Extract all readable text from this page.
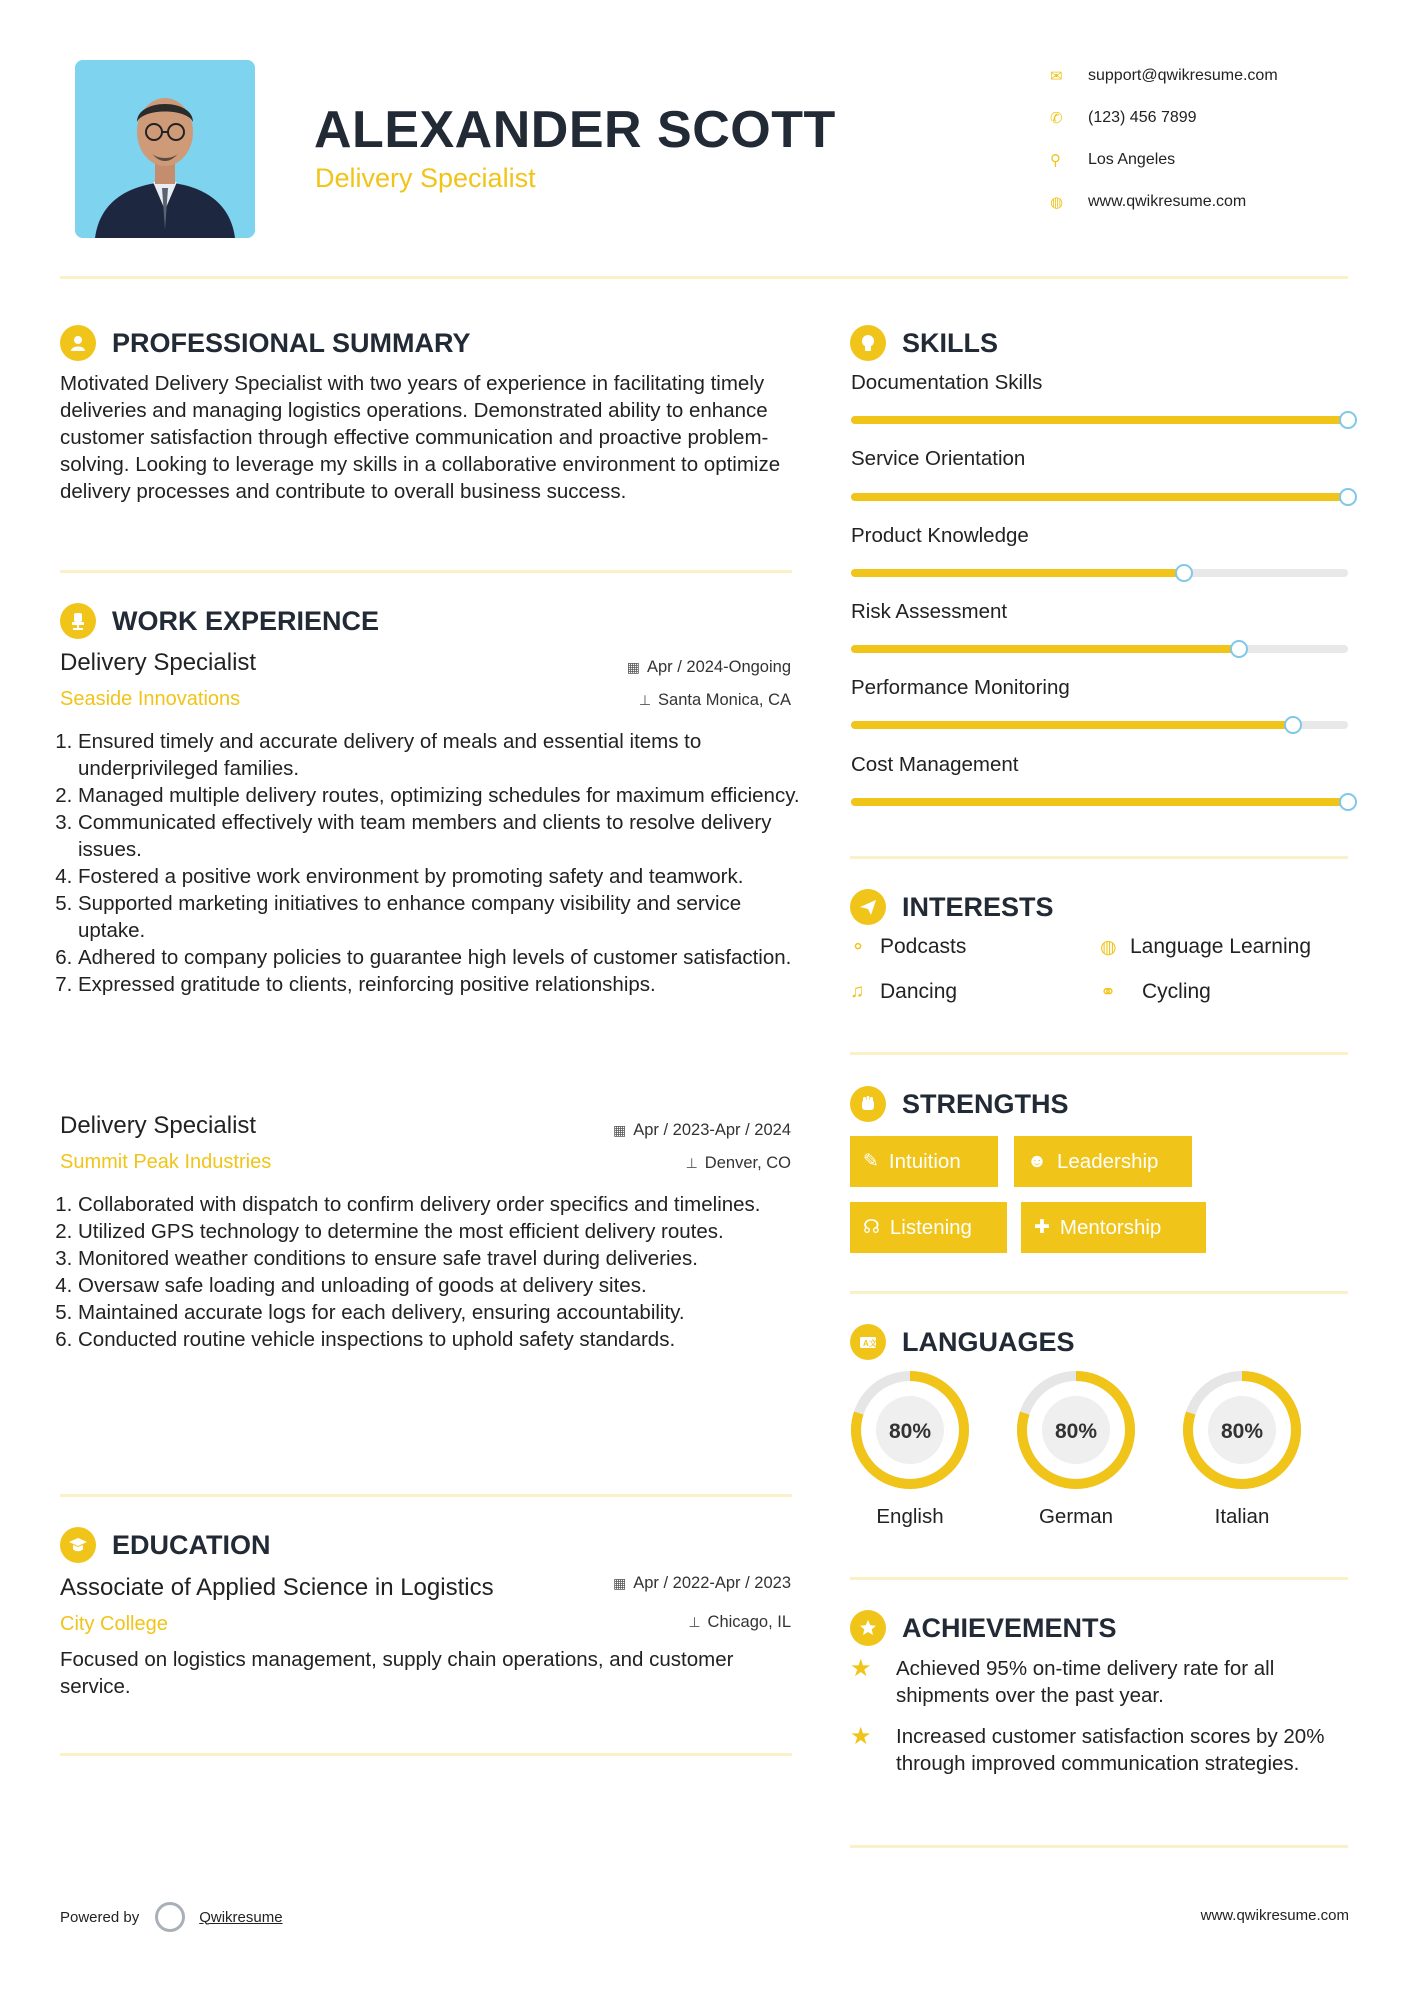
ALEXANDER SCOTT
Delivery Specialist
✉	support@qwikresume.com
✆	(123) 456 7899
⚲	Los Angeles
◍	www.qwikresume.com
PROFESSIONAL SUMMARY
Motivated Delivery Specialist with two years of experience in facilitating timely deliveries and managing logistics operations. Demonstrated ability to enhance customer satisfaction through effective communication and proactive problem-solving. Looking to leverage my skills in a collaborative environment to optimize delivery processes and contribute to overall business success.
WORK EXPERIENCE
Delivery Specialist
Seaside Innovations
▦ Apr / 2024-Ongoing
⊥ Santa Monica, CA
1. Ensured timely and accurate delivery of meals and essential items to underprivileged families.
2. Managed multiple delivery routes, optimizing schedules for maximum efficiency.
3. Communicated effectively with team members and clients to resolve delivery issues.
4. Fostered a positive work environment by promoting safety and teamwork.
5. Supported marketing initiatives to enhance company visibility and service uptake.
6. Adhered to company policies to guarantee high levels of customer satisfaction.
7. Expressed gratitude to clients, reinforcing positive relationships.
Delivery Specialist
Summit Peak Industries
▦ Apr / 2023-Apr / 2024
⊥ Denver, CO
1. Collaborated with dispatch to confirm delivery order specifics and timelines.
2. Utilized GPS technology to determine the most efficient delivery routes.
3. Monitored weather conditions to ensure safe travel during deliveries.
4. Oversaw safe loading and unloading of goods at delivery sites.
5. Maintained accurate logs for each delivery, ensuring accountability.
6. Conducted routine vehicle inspections to uphold safety standards.
EDUCATION
Associate of Applied Science in Logistics
City College
▦ Apr / 2022-Apr / 2023
⊥ Chicago, IL
Focused on logistics management, supply chain operations, and customer service.
SKILLS
Documentation Skills
Service Orientation
Product Knowledge
Risk Assessment
Performance Monitoring
Cost Management
INTERESTS
⚬ Podcasts	◍ Language Learning
♫ Dancing	⚭	Cycling
STRENGTHS
✎ Intuition	☻ Leadership
☊ Listening	✚ Mentorship
A 文 LANGUAGES
80%	80%	80%
English	German	Italian
ACHIEVEMENTS
★	Achieved 95% on-time delivery rate for all shipments over the past year.
★	Increased customer satisfaction scores by 20% through improved communication strategies.
Powered by	Qwikresume	www.qwikresume.com
